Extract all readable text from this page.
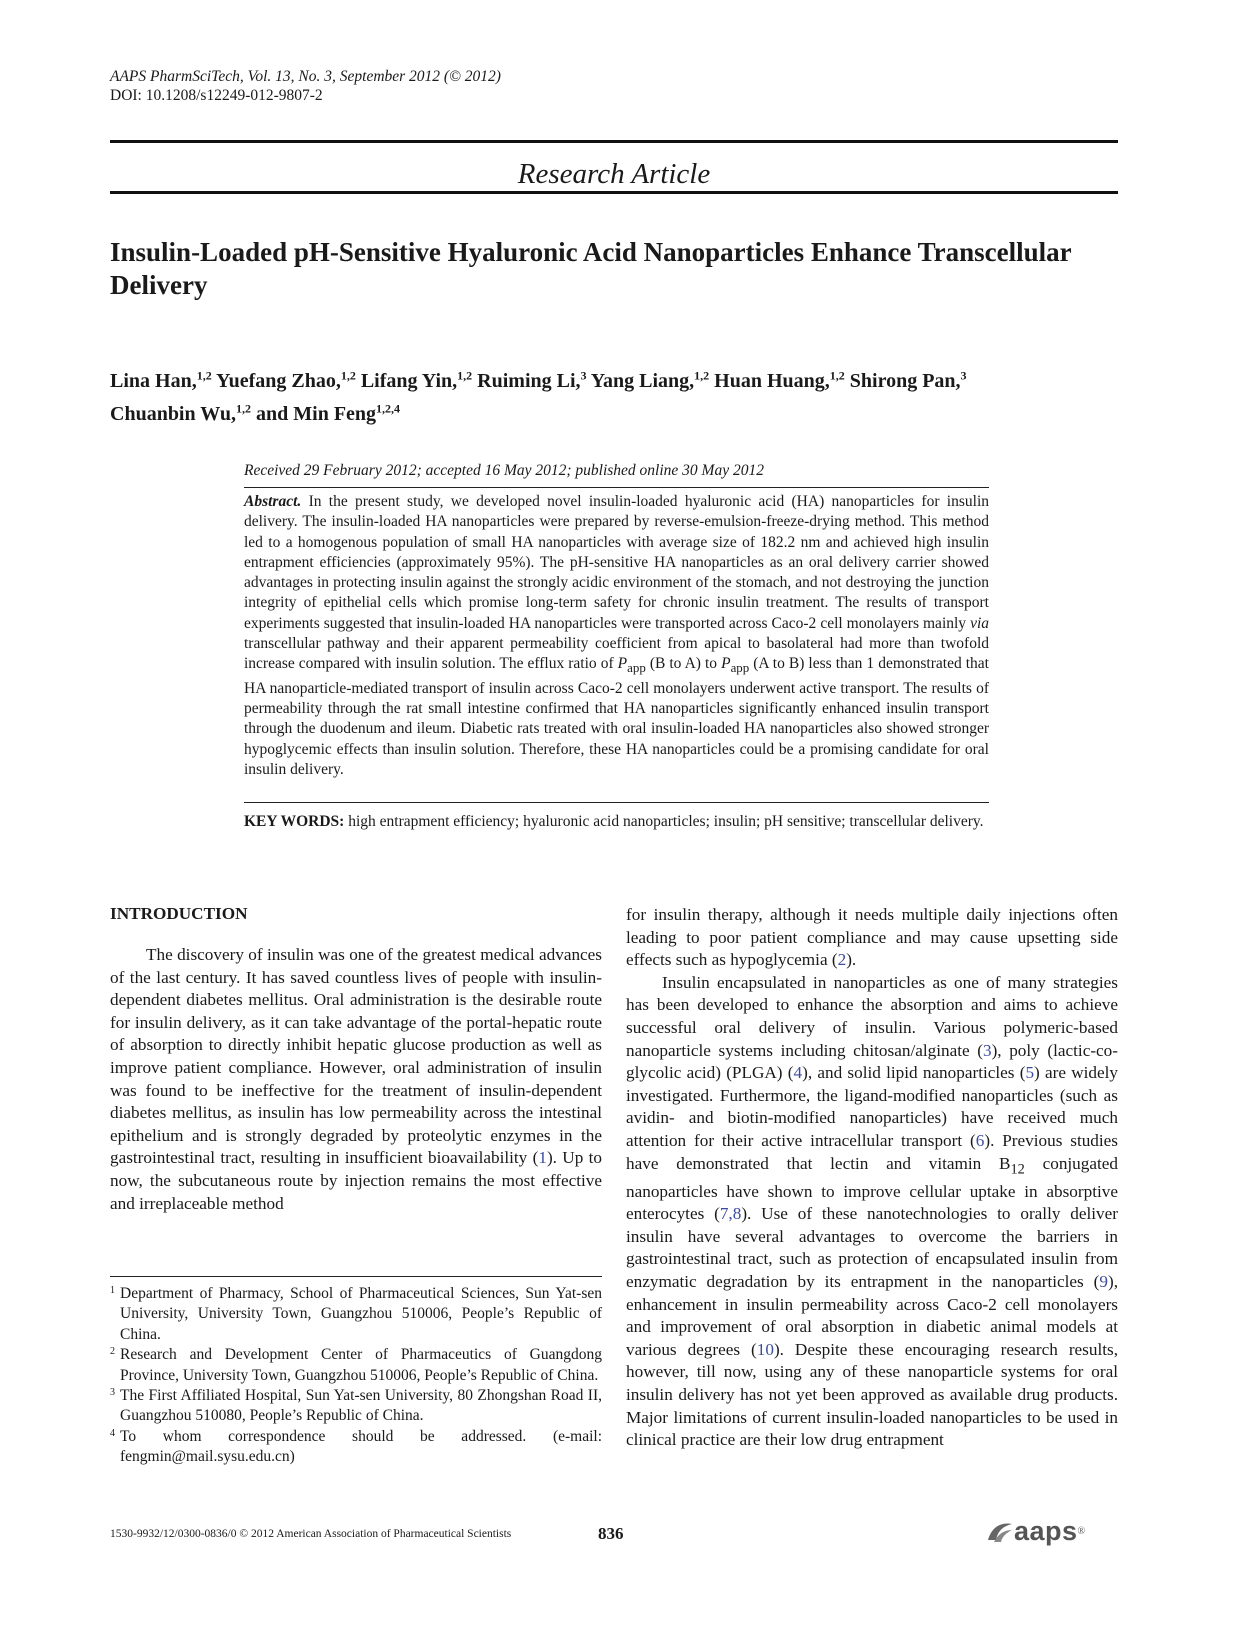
AAPS PharmSciTech, Vol. 13, No. 3, September 2012 (© 2012)
DOI: 10.1208/s12249-012-9807-2
Research Article
Insulin-Loaded pH-Sensitive Hyaluronic Acid Nanoparticles Enhance Transcellular Delivery
Lina Han,$^{1,2}$ Yuefang Zhao,$^{1,2}$ Lifang Yin,$^{1,2}$ Ruiming Li,$^3$ Yang Liang,$^{1,2}$ Huan Huang,$^{1,2}$ Shirong Pan,$^3$
Chuanbin Wu,$^{1,2}$ and Min Feng$^{1,2,4}$
Received 29 February 2012; accepted 16 May 2012; published online 30 May 2012
Abstract. In the present study, we developed novel insulin-loaded hyaluronic acid (HA) nanoparticles for insulin delivery. The insulin-loaded HA nanoparticles were prepared by reverse-emulsion-freeze-drying method. This method led to a homogenous population of small HA nanoparticles with average size of 182.2 nm and achieved high insulin entrapment efficiencies (approximately 95%). The pH-sensitive HA nanoparticles as an oral delivery carrier showed advantages in protecting insulin against the strongly acidic environment of the stomach, and not destroying the junction integrity of epithelial cells which promise long-term safety for chronic insulin treatment. The results of transport experiments suggested that insulin-loaded HA nanoparticles were transported across Caco-2 cell monolayers mainly via transcellular pathway and their apparent permeability coefficient from apical to basolateral had more than twofold increase compared with insulin solution. The efflux ratio of $P_{app}$ (B to A) to $P_{app}$ (A to B) less than 1 demonstrated that HA nanoparticle-mediated transport of insulin across Caco-2 cell monolayers underwent active transport. The results of permeability through the rat small intestine confirmed that HA nanoparticles significantly enhanced insulin transport through the duodenum and ileum. Diabetic rats treated with oral insulin-loaded HA nanoparticles also showed stronger hypoglycemic effects than insulin solution. Therefore, these HA nanoparticles could be a promising candidate for oral insulin delivery.
KEY WORDS: high entrapment efficiency; hyaluronic acid nanoparticles; insulin; pH sensitive; transcellular delivery.
INTRODUCTION

The discovery of insulin was one of the greatest medical advances of the last century. It has saved countless lives of people with insulin-dependent diabetes mellitus. Oral administration is the desirable route for insulin delivery, as it can take advantage of the portal-hepatic route of absorption to directly inhibit hepatic glucose production as well as improve patient compliance. However, oral administration of insulin was found to be ineffective for the treatment of insulin-dependent diabetes mellitus, as insulin has low permeability across the intestinal epithelium and is strongly degraded by proteolytic enzymes in the gastrointestinal tract, resulting in insufficient bioavailability (1). Up to now, the subcutaneous route by injection remains the most effective and irreplaceable method

for insulin therapy, although it needs multiple daily injections often leading to poor patient compliance and may cause upsetting side effects such as hypoglycemia (2).

Insulin encapsulated in nanoparticles as one of many strategies has been developed to enhance the absorption and aims to achieve successful oral delivery of insulin. Various polymeric-based nanoparticle systems including chitosan/alginate (3), poly (lactic-co-glycolic acid) (PLGA) (4), and solid lipid nanoparticles (5) are widely investigated. Furthermore, the ligand-modified nanoparticles (such as avidin- and biotin-modified nanoparticles) have received much attention for their active intracellular transport (6). Previous studies have demonstrated that lectin and vitamin $B_{12}$ conjugated nanoparticles have shown to improve cellular uptake in absorptive enterocytes (7,8). Use of these nanotechnologies to orally deliver insulin have several advantages to overcome the barriers in gastrointestinal tract, such as protection of encapsulated insulin from enzymatic degradation by its entrapment in the nanoparticles (9), enhancement in insulin permeability across Caco-2 cell monolayers and improvement of oral absorption in diabetic animal models at various degrees (10). Despite these encouraging research results, however, till now, using any of these nanoparticle systems for oral insulin delivery has not yet been approved as available drug products. Major limitations of current insulin-loaded nanoparticles to be used in clinical practice are their low drug entrapment

1 Department of Pharmacy, School of Pharmaceutical Sciences, Sun Yat-sen University, University Town, Guangzhou 510006, People’s Republic of China.
2 Research and Development Center of Pharmaceutics of Guangdong Province, University Town, Guangzhou 510006, People’s Republic of China.
3 The First Affiliated Hospital, Sun Yat-sen University, 80 Zhongshan Road II, Guangzhou 510080, People’s Republic of China.
4 To whom correspondence should be addressed. (e-mail: fengmin@mail.sysu.edu.cn)
1530-9932/12/0300-0836/0 © 2012 American Association of Pharmaceutical Scientists	836	aaps ®
